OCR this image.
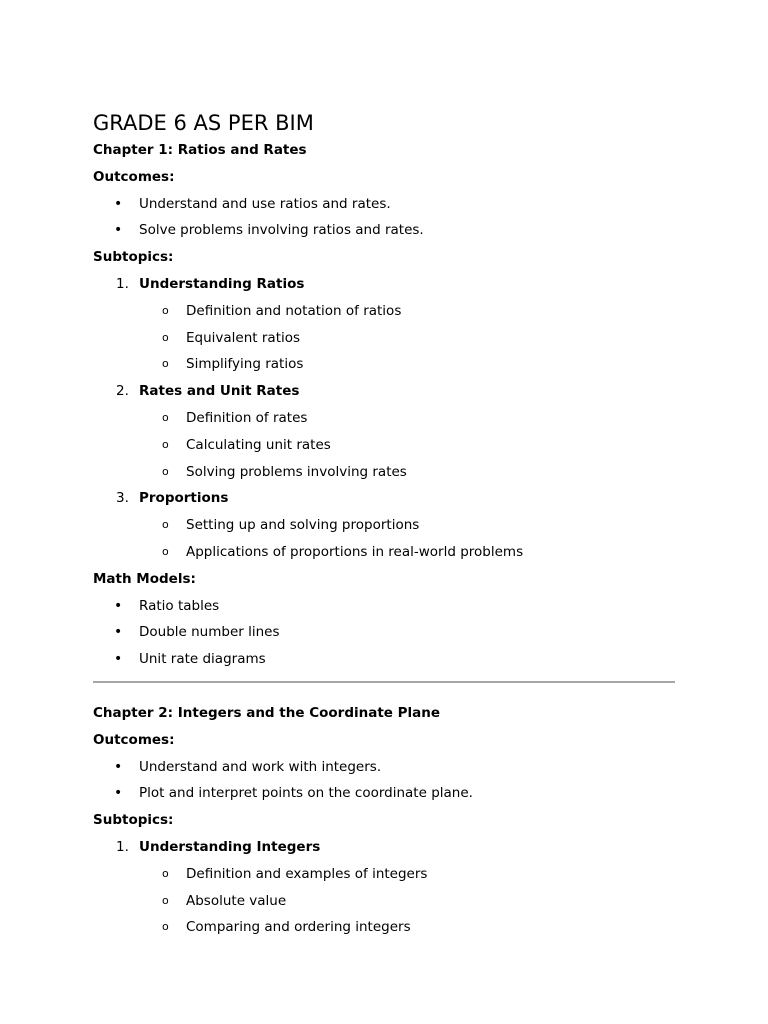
GRADE 6 AS PER BIM
Chapter 1: Ratios and Rates
Outcomes:
• Understand and use ratios and rates.
• Solve problems involving ratios and rates.
Subtopics:
1. Understanding Ratios
o Definition and notation of ratios
o Equivalent ratios
o Simplifying ratios
2. Rates and Unit Rates
o Definition of rates
o Calculating unit rates
o Solving problems involving rates
3. Proportions
o Setting up and solving proportions
o Applications of proportions in real-world problems
Math Models:
• Ratio tables
• Double number lines
• Unit rate diagrams
Chapter 2: Integers and the Coordinate Plane
Outcomes:
• Understand and work with integers.
• Plot and interpret points on the coordinate plane.
Subtopics:
1. Understanding Integers
o Definition and examples of integers
o Absolute value
o Comparing and ordering integers
